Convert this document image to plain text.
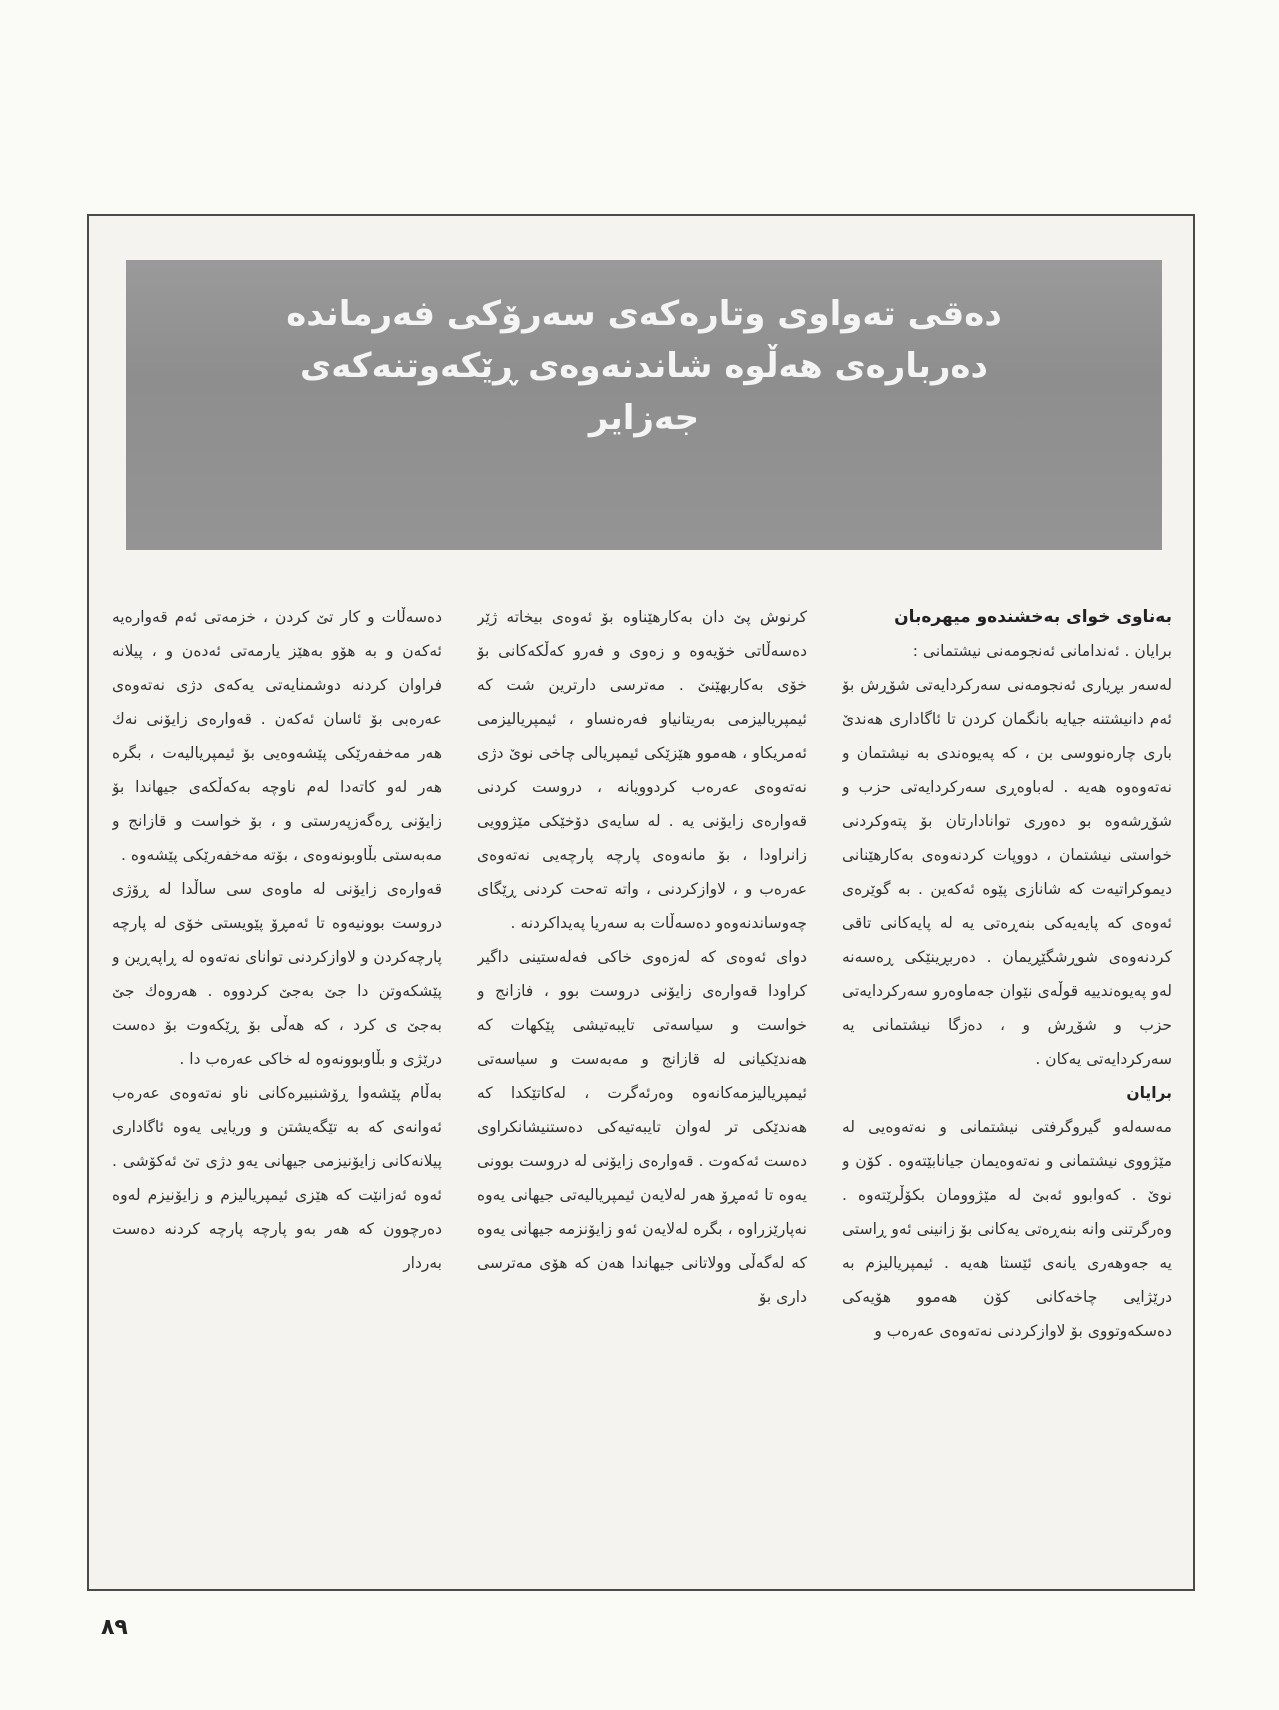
دەقی تەواوی وتارەکەی سەرۆکی فەرماندە
دەربارەی هەڵوە شاندنەوەی ڕێکەوتنەکەی
جەزایر

بەناوی خوای بەخشندەو میهرەبان

برایان . ئەندامانی ئەنجومەنی نیشتمانی :

لەسەر بڕیاری ئەنجومەنی سەرکردایەتی شۆڕش بۆ ئەم دانیشتنە جیایە بانگمان کردن تا ئاگاداری هەندێ باری چارەنووسی بن ، کە پەیوەندی بە نیشتمان و نەتەوەوە هەیە . لەباوەڕی سەرکردایەتی حزب و شۆڕشەوە بو دەوری توانادارتان بۆ پتەوکردنی خواستی نیشتمان ، دووپات کردنەوەی بەکارهێنانی دیموکراتیەت کە شانازی پێوە ئەکەین . بە گوێرەی ئەوەی کە پایەیەکی بنەڕەتی یە لە پایەکانی تاقی کردنەوەی شوڕشگێڕیمان . دەربڕینێکی ڕەسەنە لەو پەیوەندییە قوڵەی نێوان جەماوەرو سەرکردایەتی حزب و شۆڕش و ، دەزگا نیشتمانی یە سەرکردایەتی یەکان .

برایان

مەسەلەو گیروگرفتی نیشتمانی و نەتەوەیی لە مێژووی نیشتمانی و نەتەوەیمان جیانابێتەوە . کۆن و نوێ . کەوابوو ئەبێ لە مێژوومان بکۆڵرێتەوە . وەرگرتنی وانە بنەڕەتی یەکانی بۆ زانینی ئەو ڕاستی یە جەوهەری یانەی ئێستا هەیە . ئیمپریالیزم بە درێژایی چاخەکانی کۆن هەموو هۆیەکی دەسکەوتووی بۆ لاوازکردنی نەتەوەی عەرەب و

کرنوش پێ دان بەکارهێناوە بۆ ئەوەی بیخاتە ژێر دەسەڵاتی خۆیەوە و زەوی و فەرو کەڵکەکانی بۆ خۆی بەکاربهێنێ . مەترسی دارترین شت کە ئیمپریالیزمی بەریتانیاو فەرەنساو ، ئیمپریالیزمی ئەمریکاو ، هەموو هێزێکی ئیمپریالی چاخی نوێ دژی نەتەوەی عەرەب کردوویانە ، دروست کردنی قەوارەی زایۆنی یە . لە سایەی دۆخێکی مێژوویی زانراودا ، بۆ مانەوەی پارچە پارچەیی نەتەوەی عەرەب و ، لاوازکردنی ، واتە تەحت کردنی ڕێگای چەوساندنەوەو دەسەڵات بە سەریا پەیداکردنە .

دوای ئەوەی کە لەزەوی خاکی فەلەستینی داگیر کراودا قەوارەی زایۆنی دروست بوو ، فازانج و خواست و سیاسەتی تایبەتیشی پێکهات کە هەندێکیانی لە قازانج و مەبەست و سیاسەتی ئیمپریالیزمەکانەوە وەرئەگرت ، لەکاتێکدا کە هەندێکی تر لەوان تایبەتیەکی دەستنیشانکراوی دەست ئەکەوت . قەوارەی زایۆنی لە دروست بوونی یەوە تا ئەمڕۆ هەر لەلایەن ئیمپریالیەتی جیهانی یەوە نەپارێزراوە ، بگرە لەلایەن ئەو زایۆنزمە جیهانی یەوە کە لەگەڵی وولاتانی جیهاندا هەن کە هۆی مەترسی داری بۆ

دەسەڵات و کار تێ کردن ، خزمەتی ئەم قەوارەیە ئەکەن و بە هۆو بەهێز یارمەتی ئەدەن و ، پیلانە فراوان کردنە دوشمنایەتی یەکەی دژی نەتەوەی عەرەبی بۆ ئاسان ئەکەن . قەوارەی زایۆنی نەك هەر مەخفەرێکی پێشەوەیی بۆ ئیمپریالیەت ، بگرە هەر لەو کاتەدا لەم ناوچە بەکەڵکەی جیهاندا بۆ زایۆنی ڕەگەزپەرستی و ، بۆ خواست و قازانج و مەبەستی بڵاوبونەوەی ، بۆتە مەخفەرێکی پێشەوە .

قەوارەی زایۆنی لە ماوەی سی ساڵدا لە ڕۆژی دروست بوونیەوە تا ئەمڕۆ پێویستی خۆی لە پارچە پارچەکردن و لاوازکردنی توانای نەتەوە لە ڕاپەڕین و پێشکەوتن دا جێ بەجێ کردووە . هەروەك جێ بەجێ ی کرد ، کە هەڵی بۆ ڕێکەوت بۆ دەست درێژی و بڵاوبوونەوە لە خاکی عەرەب دا .

بەڵام پێشەوا ڕۆشنبیرەکانی ناو نەتەوەی عەرەب ئەوانەی کە بە تێگەیشتن و وریایی یەوە ئاگاداری پیلانەکانی زایۆنیزمی جیهانی یەو دژی تێ ئەکۆشی . ئەوە ئەزانێت کە هێزی ئیمپریالیزم و زایۆنیزم لەوە دەرچوون کە هەر بەو پارچە پارچە کردنە دەست بەردار

٨٩
